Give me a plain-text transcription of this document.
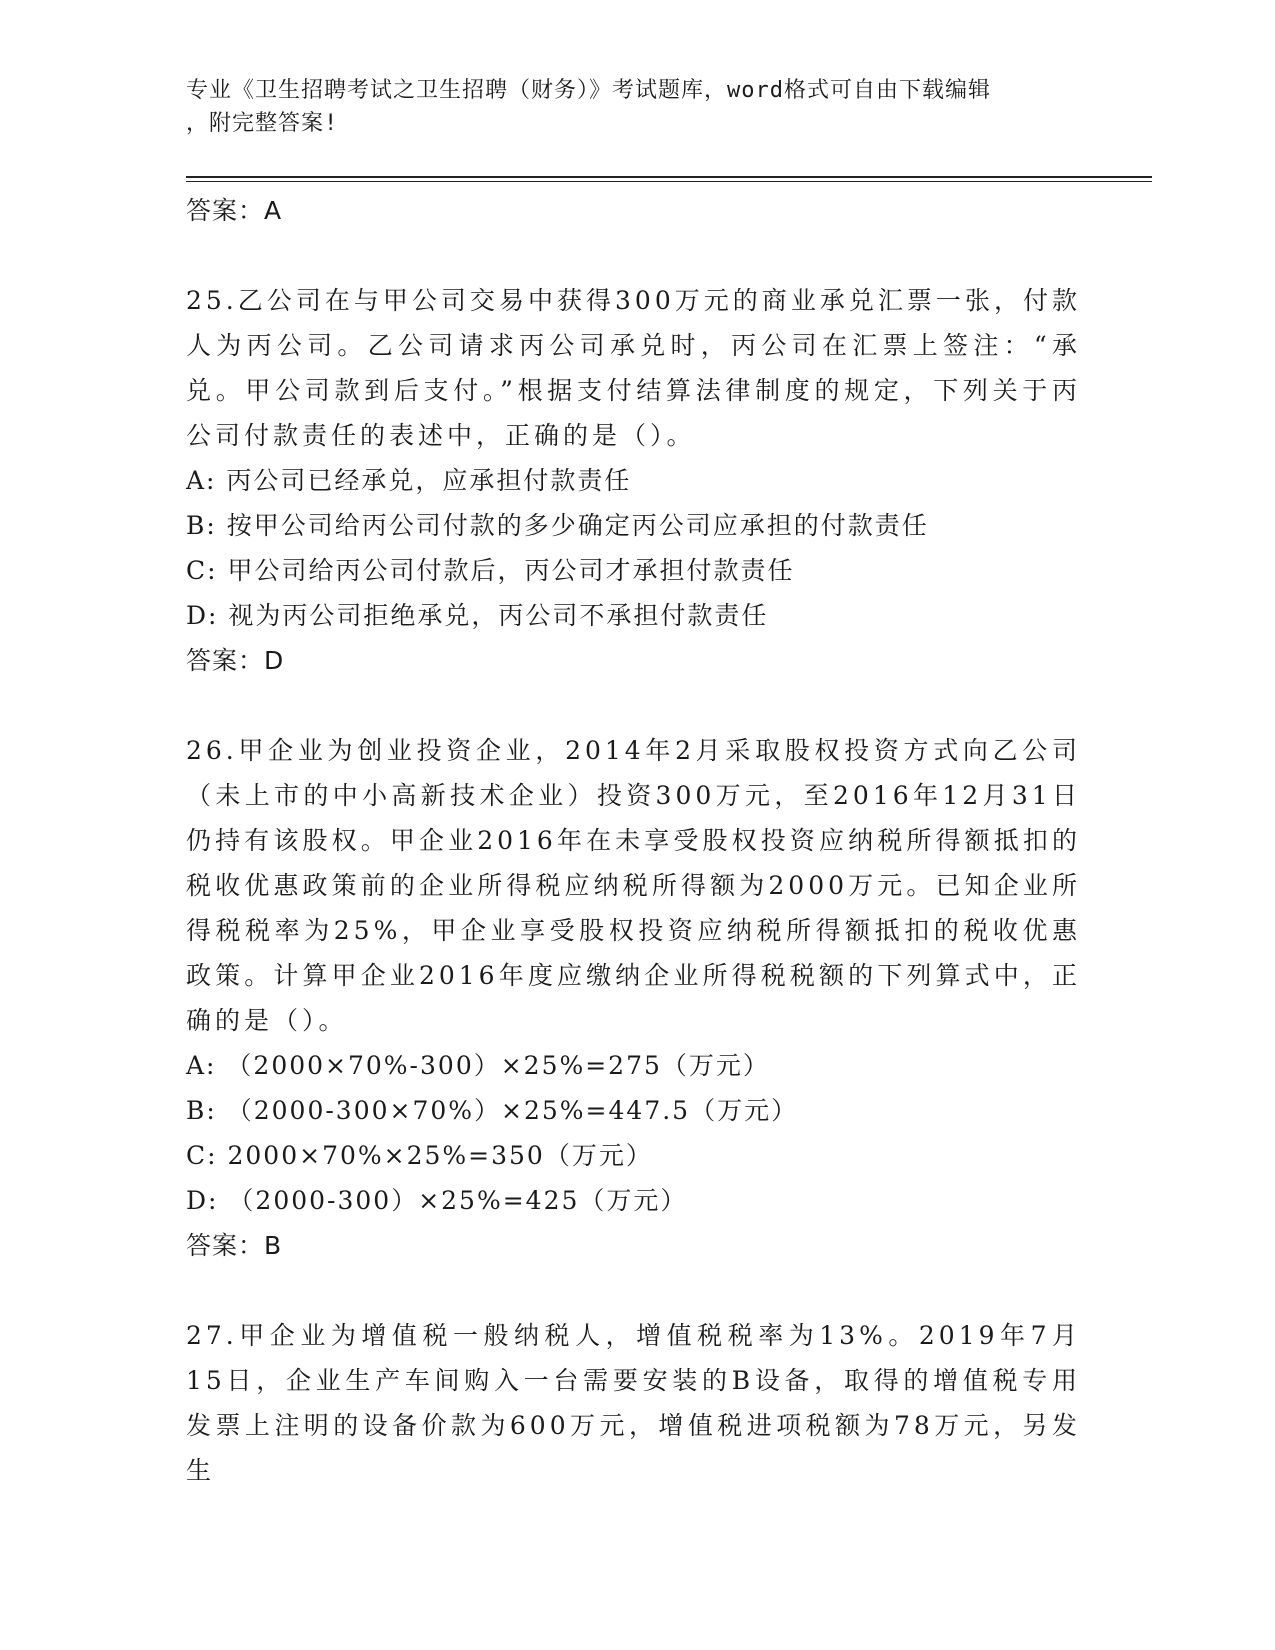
专业《卫生招聘考试之卫生招聘（财务）》考试题库，word格式可自由下载编辑
，附完整答案!

答案：A

25.乙公司在与甲公司交易中获得300万元的商业承兑汇票一张，付款人为丙公司。乙公司请求丙公司承兑时，丙公司在汇票上签注：“承兑。甲公司款到后支付。”根据支付结算法律制度的规定，下列关于丙公司付款责任的表述中，正确的是（）。

A: 丙公司已经承兑，应承担付款责任

B: 按甲公司给丙公司付款的多少确定丙公司应承担的付款责任

C: 甲公司给丙公司付款后，丙公司才承担付款责任

D: 视为丙公司拒绝承兑，丙公司不承担付款责任

答案：D

26.甲企业为创业投资企业，2014年2月采取股权投资方式向乙公司（未上市的中小高新技术企业）投资300万元，至2016年12月31日仍持有该股权。甲企业2016年在未享受股权投资应纳税所得额抵扣的税收优惠政策前的企业所得税应纳税所得额为2000万元。已知企业所得税税率为25%，甲企业享受股权投资应纳税所得额抵扣的税收优惠政策。计算甲企业2016年度应缴纳企业所得税税额的下列算式中，正确的是（）。

A: （2000×70%-300）×25%=275（万元）

B: （2000-300×70%）×25%=447.5（万元）

C: 2000×70%×25%=350（万元）

D: （2000-300）×25%=425（万元）

答案：B

27.甲企业为增值税一般纳税人，增值税税率为13%。2019年7月15日，企业生产车间购入一台需要安装的B设备，取得的增值税专用发票上注明的设备价款为600万元，增值税进项税额为78万元，另发生
